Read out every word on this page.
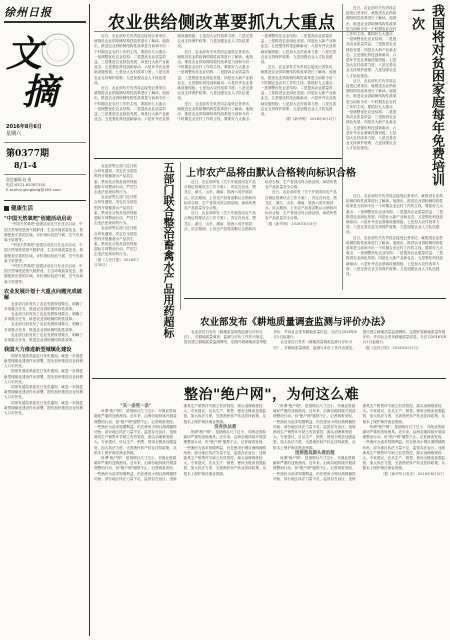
徐州日报
文
摘
2016年8月6日
星期六
第0377期
8/1-4
责任编辑:赵 燕
电话:0571-85787150
E-mail:yupinglong@163.com
健康生活
"中国天然氧吧"创建活动启动

"中国天然氧吧"创建活动近日在北京启动，中国天然氧吧是指气候舒适、生态环境质量优良、旅游配套完善的区域。评价指标包括气候、空气负氧离子浓度等。

"中国天然氧吧"创建活动近日在北京启动，中国天然氧吧是指气候舒适、生态环境质量优良、旅游配套完善的区域。评价指标包括气候、空气负氧离子浓度等。

"中国天然氧吧"创建活动近日在北京启动，中国天然氧吧是指气候舒适、生态环境质量优良、旅游配套完善的区域。评价指标包括气候、空气负氧离子浓度等。

农业发展计划十大重点问题完成破解

农业部日前发布了农业发展规划要点，明确了多项重点任务，推进农业供给侧结构性改革。

农业部日前发布了农业发展规划要点，明确了多项重点任务，推进农业供给侧结构性改革。

农业部日前发布了农业发展规划要点，明确了多项重点任务，推进农业供给侧结构性改革。

农业部日前发布了农业发展规划要点，明确了多项重点任务，推进农业供给侧结构性改革。

我国大力推进新型城镇化建设

国家发展改革委近日发布通知，就进一步推进新型城镇化建设作出部署，提出加快推进农业转移人口市民化。

国家发展改革委近日发布通知，就进一步推进新型城镇化建设作出部署，提出加快推进农业转移人口市民化。

国家发展改革委近日发布通知，就进一步推进新型城镇化建设作出部署，提出加快推进农业转移人口市民化。

国家发展改革委近日发布通知，就进一步推进新型城镇化建设作出部署，提出加快推进农业转移人口市民化。

农业供给侧改革要抓九大重点

近日，农业部有关负责同志接受记者采访，就推进农业供给侧结构性改革进行了解读。他指出，推进农业供给侧结构性改革是当前和今后一个时期农业农村工作的主线，要抓好九大重点：一是调整优化农业结构；二是提高农业质量效益；三是推进农业绿色发展；四是壮大新产业新业态；五是强化科技创新驱动；六是补齐农业基础设施短板；七是加大农村改革力度；八是完善农业支持保护政策；九是加强农业人才队伍建设。

近日，农业部有关负责同志接受记者采访，就推进农业供给侧结构性改革进行了解读。他指出，推进农业供给侧结构性改革是当前和今后一个时期农业农村工作的主线，要抓好九大重点：一是调整优化农业结构；二是提高农业质量效益；三是推进农业绿色发展；四是壮大新产业新业态；五是强化科技创新驱动；六是补齐农业基础设施短板；七是加大农村改革力度；八是完善农业支持保护政策；九是加强农业人才队伍建设。

近日，农业部有关负责同志接受记者采访，就推进农业供给侧结构性改革进行了解读。他指出，推进农业供给侧结构性改革是当前和今后一个时期农业农村工作的主线，要抓好九大重点：一是调整优化农业结构；二是提高农业质量效益；三是推进农业绿色发展；四是壮大新产业新业态；五是强化科技创新驱动；六是补齐农业基础设施短板；七是加大农村改革力度；八是完善农业支持保护政策；九是加强农业人才队伍建设。

近日，农业部有关负责同志接受记者采访，就推进农业供给侧结构性改革进行了解读。他指出，推进农业供给侧结构性改革是当前和今后一个时期农业农村工作的主线，要抓好九大重点：一是调整优化农业结构；二是提高农业质量效益；三是推进农业绿色发展；四是壮大新产业新业态；五是强化科技创新驱动；六是补齐农业基础设施短板；七是加大农村改革力度；八是完善农业支持保护政策；九是加强农业人才队伍建设。

近日，农业部有关负责同志接受记者采访，就推进农业供给侧结构性改革进行了解读。他指出，推进农业供给侧结构性改革是当前和今后一个时期农业农村工作的主线，要抓好九大重点：一是调整优化农业结构；二是提高农业质量效益；三是推进农业绿色发展；四是壮大新产业新业态；五是强化科技创新驱动；六是补齐农业基础设施短板；七是加大农村改革力度；八是完善农业支持保护政策；九是加强农业人才队伍建设。

（据《新华网》 2016年8月2日）

近日，农业部有关负责同志接受记者采访，就推进农业供给侧结构性改革进行了解读。他指出，推进农业供给侧结构性改革是当前和今后一个时期农业农村工作的主线，要抓好九大重点：一是调整优化农业结构；二是提高农业质量效益；三是推进农业绿色发展；四是壮大新产业新业态；五是强化科技创新驱动；六是补齐农业基础设施短板；七是加大农村改革力度；八是完善农业支持保护政策；九是加强农业人才队伍建设。

近日，农业部有关负责同志接受记者采访，就推进农业供给侧结构性改革进行了解读。他指出，推进农业供给侧结构性改革是当前和今后一个时期农业农村工作的主线，要抓好九大重点：一是调整优化农业结构；二是提高农业质量效益；三是推进农业绿色发展；四是壮大新产业新业态；五是强化科技创新驱动；六是补齐农业基础设施短板；七是加大农村改革力度；八是完善农业支持保护政策；九是加强农业人才队伍建设。	我国将对贫困家庭每年免费培训一次

近日，农业部有关负责同志接受记者采访，就推进农业供给侧结构性改革进行了解读。他指出，推进农业供给侧结构性改革是当前和今后一个时期农业农村工作的主线，要抓好九大重点：一是调整优化农业结构；二是提高农业质量效益；三是推进农业绿色发展；四是壮大新产业新业态；五是强化科技创新驱动；六是补齐农业基础设施短板；七是加大农村改革力度；八是完善农业支持保护政策；九是加强农业人才队伍建设。

近日，农业部有关负责同志接受记者采访，就推进农业供给侧结构性改革进行了解读。他指出，推进农业供给侧结构性改革是当前和今后一个时期农业农村工作的主线，要抓好九大重点：一是调整优化农业结构；二是提高农业质量效益；三是推进农业绿色发展；四是壮大新产业新业态；五是强化科技创新驱动；六是补齐农业基础设施短板；七是加大农村改革力度；八是完善农业支持保护政策；九是加强农业人才队伍建设。

农业部等五部门近日联合印发通知，决定在全国范围内开展畜禽水产品抗生素、禁用化合物及兽药残留超标专项整治行动，严厉打击违法违规用药行为。

农业部等五部门近日联合印发通知，决定在全国范围内开展畜禽水产品抗生素、禁用化合物及兽药残留超标专项整治行动，严厉打击违法违规用药行为。

农业部等五部门近日联合印发通知，决定在全国范围内开展畜禽水产品抗生素、禁用化合物及兽药残留超标专项整治行动，严厉打击违法违规用药行为。

（据《人民日报》 2016年7月30日）	五部门联合整治畜禽水产品用药超标 上市农产品将由默认合格转向标识合格

近日，农业部印发《关于开展食用农产品合格证管理试点工作方案》，决定在河北、黑龙江、浙江、山东、湖南、陕西六省开展试点。试点期间，上市农产品将由默认合格转向标识合格，生产者须出具合格证明，承诺所售农产品质量安全合格。

近日，农业部印发《关于开展食用农产品合格证管理试点工作方案》，决定在河北、黑龙江、浙江、山东、湖南、陕西六省开展试点。试点期间，上市农产品将由默认合格转向标识合格，生产者须出具合格证明，承诺所售农产品质量安全合格。

近日，农业部印发《关于开展食用农产品合格证管理试点工作方案》，决定在河北、黑龙江、浙江、山东、湖南、陕西六省开展试点。试点期间，上市农产品将由默认合格转向标识合格，生产者须出具合格证明，承诺所售农产品质量安全合格。

（据《新华网》 2016年8月3日）
农业部发布《耕地质量调查监测与评价办法》

农业部近日发布《耕地质量调查监测与评价办法》，对耕地质量调查、监测与评价工作作出规定，提出建立耕地质量监测网络，定期开展耕地质量等级评价，并向社会发布耕地质量信息。办法自2016年8月1日起施行。

农业部近日发布《耕地质量调查监测与评价办法》，对耕地质量调查、监测与评价工作作出规定，提出建立耕地质量监测网络，定期开展耕地质量等级评价，并向社会发布耕地质量信息。办法自2016年8月1日起施行。

（据《农民日报》 2016年8月2日）
整治"绝户网"，为何这么难
"买一条死一条"

所谓"绝户网"，是指网目尺寸过小、对渔业资源破坏严重的违规渔具。近年来，沿海各地持续开展清理整治行动，但"绝户网"屡禁不止。记者调查发现，一些渔民为追求短期利益，仍在使用小网目渔网捕捞幼鱼；部分地区执法力量不足，监管存在盲区；违规渔具生产销售环节缺乏有效管控，源头治理难度较大。专家建议，应从生产、销售、使用全链条加强监管，加大执法力度，完善渔民转产转业扶持政策，从根本上保护海洋渔业资源。

所谓"绝户网"，是指网目尺寸过小、对渔业资源破坏严重的违规渔具。近年来，沿海各地持续开展清理整治行动，但"绝户网"屡禁不止。记者调查发现，一些渔民为追求短期利益，仍在使用小网目渔网捕捞幼鱼；部分地区执法力量不足，监管存在盲区；违规渔具生产销售环节缺乏有效管控，源头治理难度较大。专家建议，应从生产、销售、使用全链条加强监管，加大执法力度，完善渔民转产转业扶持政策，从根本上保护海洋渔业资源。

没有执法难

所谓"绝户网"，是指网目尺寸过小、对渔业资源破坏严重的违规渔具。近年来，沿海各地持续开展清理整治行动，但"绝户网"屡禁不止。记者调查发现，一些渔民为追求短期利益，仍在使用小网目渔网捕捞幼鱼；部分地区执法力量不足，监管存在盲区；违规渔具生产销售环节缺乏有效管控，源头治理难度较大。专家建议，应从生产、销售、使用全链条加强监管，加大执法力度，完善渔民转产转业扶持政策，从根本上保护海洋渔业资源。

所谓"绝户网"，是指网目尺寸过小、对渔业资源破坏严重的违规渔具。近年来，沿海各地持续开展清理整治行动，但"绝户网"屡禁不止。记者调查发现，一些渔民为追求短期利益，仍在使用小网目渔网捕捞幼鱼；部分地区执法力量不足，监管存在盲区；违规渔具生产销售环节缺乏有效管控，源头治理难度较大。专家建议，应从生产、销售、使用全链条加强监管，加大执法力度，完善渔民转产转业扶持政策，从根本上保护海洋渔业资源。

违规渔具源头难治理

所谓"绝户网"，是指网目尺寸过小、对渔业资源破坏严重的违规渔具。近年来，沿海各地持续开展清理整治行动，但"绝户网"屡禁不止。记者调查发现，一些渔民为追求短期利益，仍在使用小网目渔网捕捞幼鱼；部分地区执法力量不足，监管存在盲区；违规渔具生产销售环节缺乏有效管控，源头治理难度较大。专家建议，应从生产、销售、使用全链条加强监管，加大执法力度，完善渔民转产转业扶持政策，从根本上保护海洋渔业资源。

所谓"绝户网"，是指网目尺寸过小、对渔业资源破坏严重的违规渔具。近年来，沿海各地持续开展清理整治行动，但"绝户网"屡禁不止。记者调查发现，一些渔民为追求短期利益，仍在使用小网目渔网捕捞幼鱼；部分地区执法力量不足，监管存在盲区；违规渔具生产销售环节缺乏有效管控，源头治理难度较大。专家建议，应从生产、销售、使用全链条加强监管，加大执法力度，完善渔民转产转业扶持政策，从根本上保护海洋渔业资源。

（据《新华每日电讯》 2016年8月3日）
